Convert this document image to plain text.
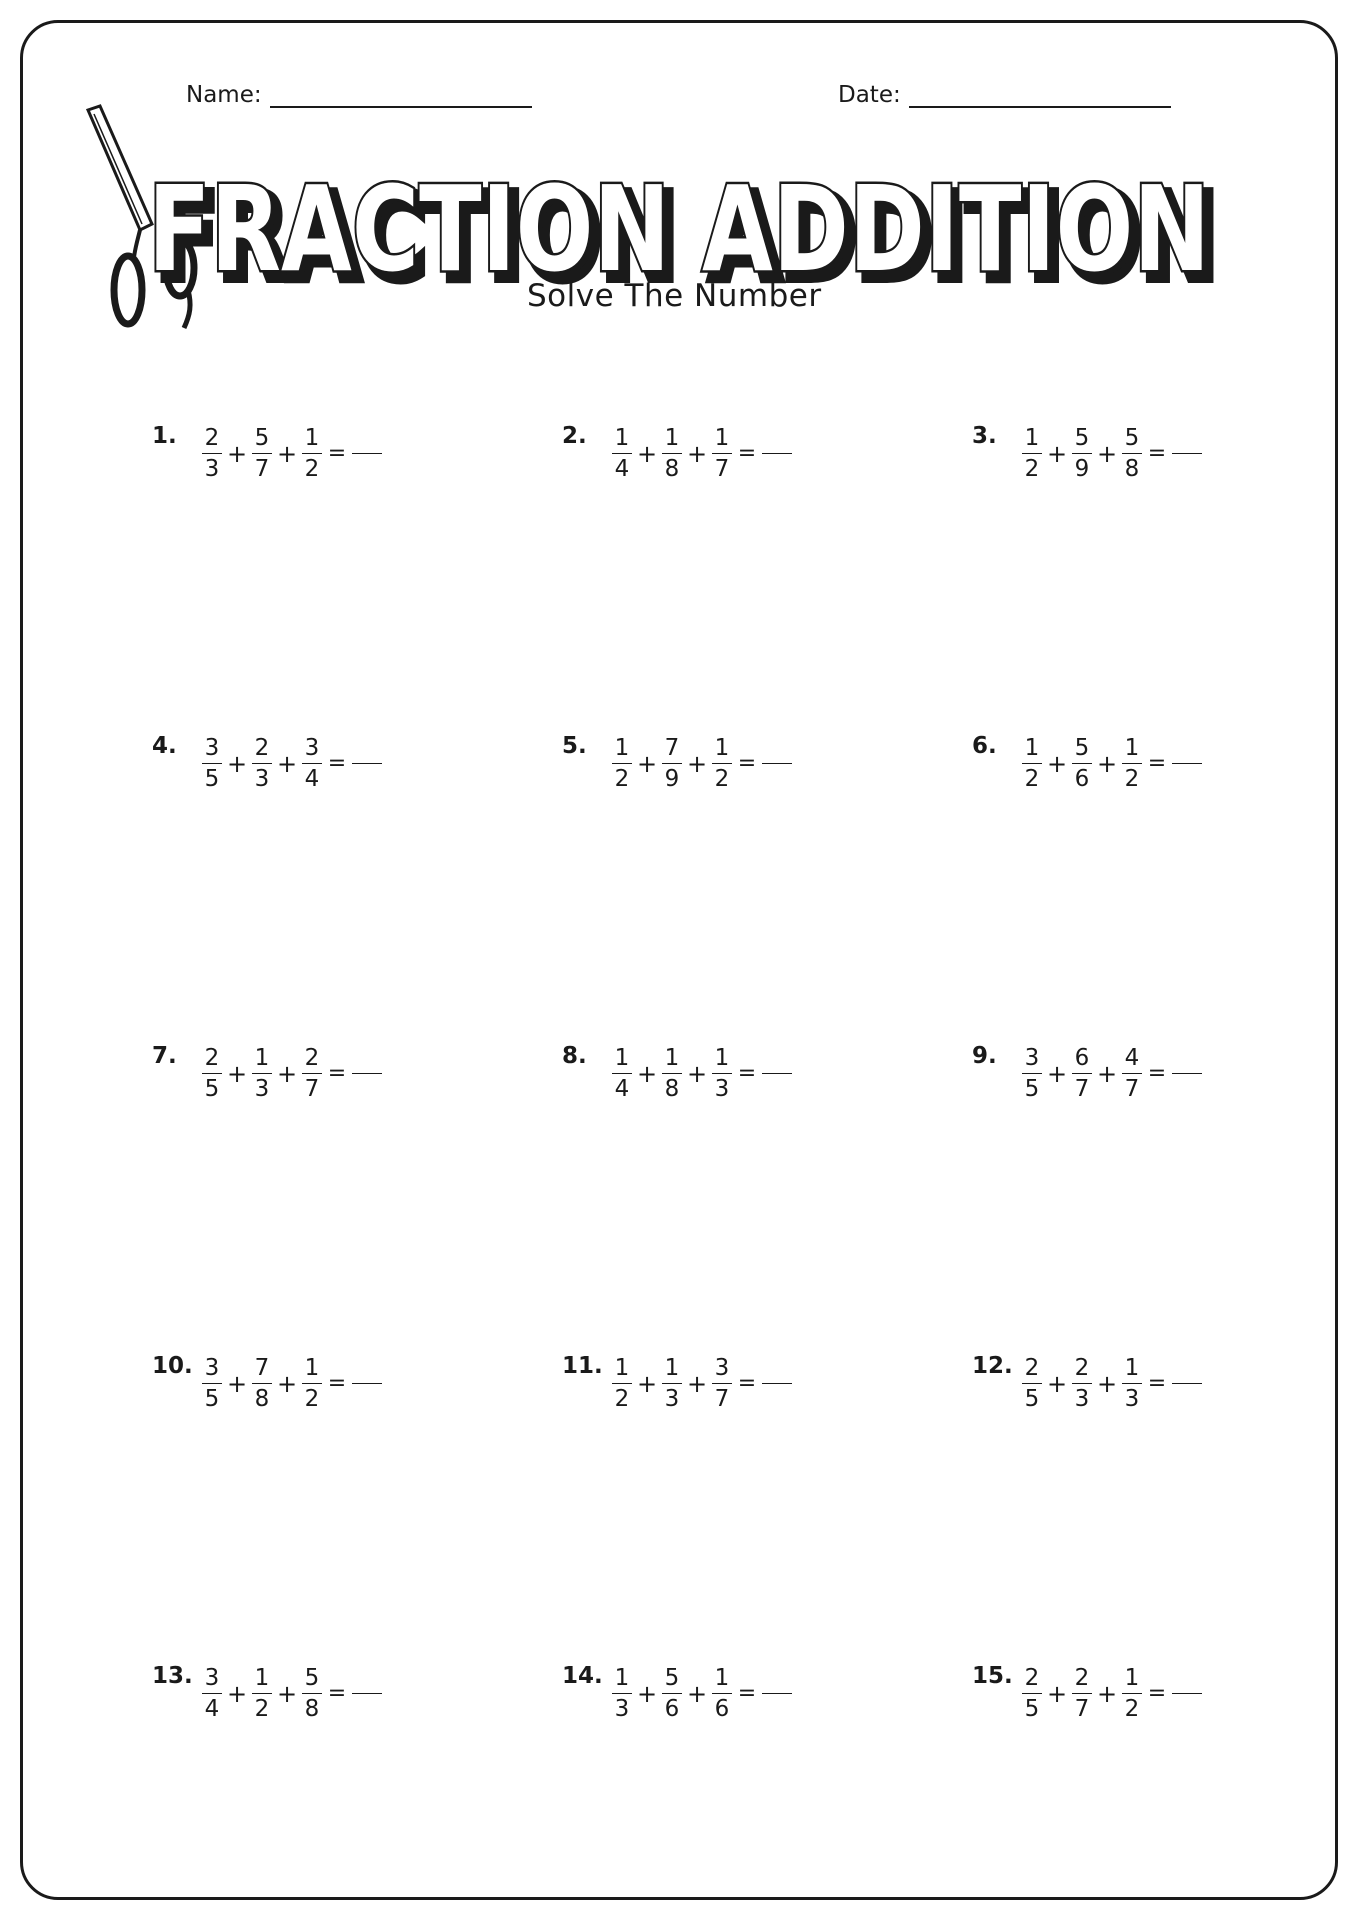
Name:	Date:
FRACTION ADDITION
FRACTION ADDITION
Solve The Number
1.	$\frac{2}{3} + \frac{5}{7} + \frac{1}{2}$ =
2.	$\frac{1}{4} + \frac{1}{8} + \frac{1}{7}$ =
3.	$\frac{1}{2} + \frac{5}{9} + \frac{5}{8}$ =
4.	$\frac{3}{5} + \frac{2}{3} + \frac{3}{4}$ =
5.	$\frac{1}{2} + \frac{7}{9} + \frac{1}{2}$ =
6.	$\frac{1}{2} + \frac{5}{6} + \frac{1}{2}$ =
7.	$\frac{2}{5} + \frac{1}{3} + \frac{2}{7}$ =
8.	$\frac{1}{4} + \frac{1}{8} + \frac{1}{3}$ =
9.	$\frac{3}{5} + \frac{6}{7} + \frac{4}{7}$ =
10. $\frac{3}{5} + \frac{7}{8} + \frac{1}{2}$ =
11. $\frac{1}{2} + \frac{1}{3} + \frac{3}{7}$ =
12. $\frac{2}{5} + \frac{2}{3} + \frac{1}{3}$ =
13. $\frac{3}{4} + \frac{1}{2} + \frac{5}{8}$ =
14. $\frac{1}{3} + \frac{5}{6} + \frac{1}{6}$ =
15. $\frac{2}{5} + \frac{2}{7} + \frac{1}{2}$ =
